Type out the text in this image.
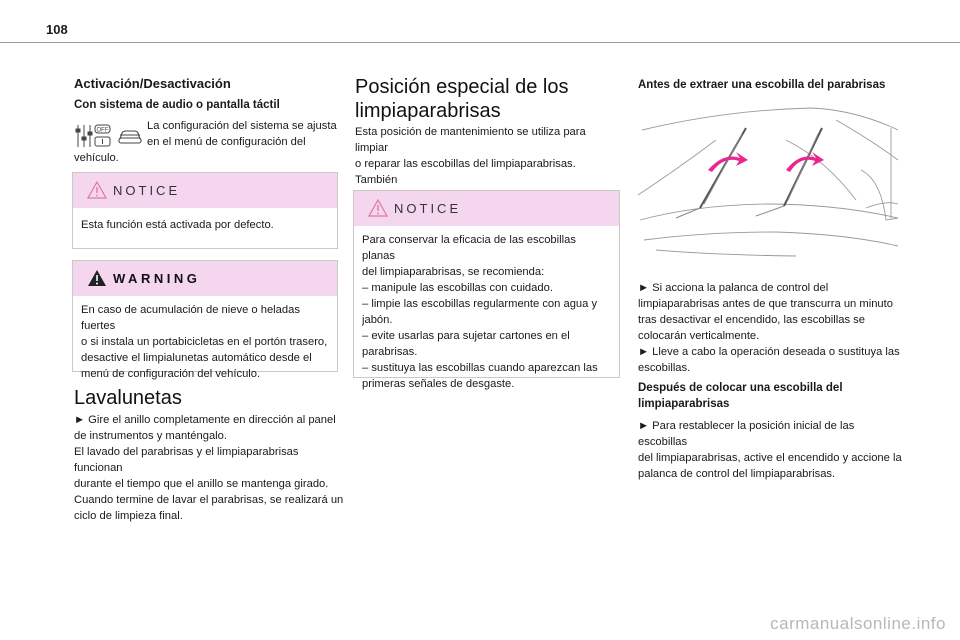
108
Activación/Desactivación
Con sistema de audio o pantalla táctil
OFF	La configuración del sistema se ajusta

en el menú de configuración del

vehículo.

NOTICE

Esta función está activada por defecto.

WARNING

En caso de acumulación de nieve o heladas fuertes

o si instala un portabicicletas en el portón trasero,

desactive el limpialunetas automático desde el

menú de configuración del vehículo.

Lavalunetas

► Gire el anillo completamente en dirección al panel

de instrumentos y manténgalo.

El lavado del parabrisas y el limpiaparabrisas funcionan

durante el tiempo que el anillo se mantenga girado.

Cuando termine de lavar el parabrisas, se realizará un

ciclo de limpieza final.

Posición especial de los
limpiaparabrisas

Esta posición de mantenimiento se utiliza para limpiar

o reparar las escobillas del limpiaparabrisas. También

NOTICE

Para conservar la eficacia de las escobillas planas

del limpiaparabrisas, se recomienda:

– manipule las escobillas con cuidado.

– limpie las escobillas regularmente con agua y

jabón.

– evite usarlas para sujetar cartones en el

parabrisas.

– sustituya las escobillas cuando aparezcan las

primeras señales de desgaste.

Antes de extraer una escobilla del parabrisas

► Si acciona la palanca de control del

limpiaparabrisas antes de que transcurra un minuto

tras desactivar el encendido, las escobillas se

colocarán verticalmente.

► Lleve a cabo la operación deseada o sustituya las

escobillas.

Después de colocar una escobilla del
limpiaparabrisas

► Para restablecer la posición inicial de las escobillas

del limpiaparabrisas, active el encendido y accione la

palanca de control del limpiaparabrisas.

carmanualsonline.info
